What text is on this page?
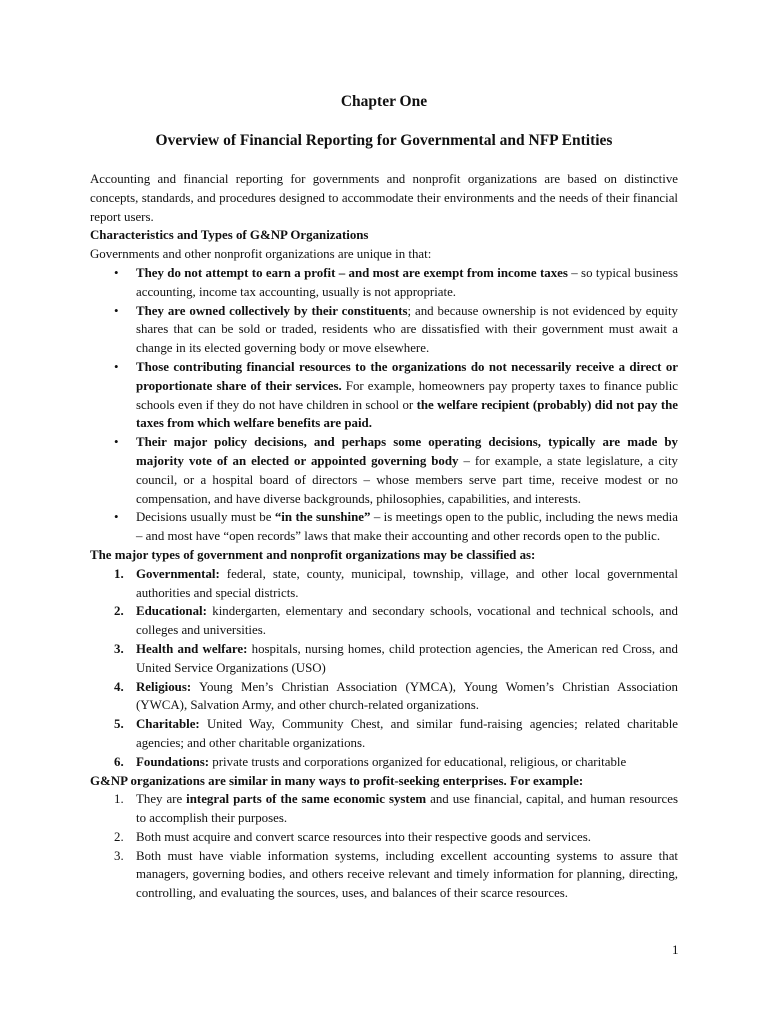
Chapter One
Overview of Financial Reporting for Governmental and NFP Entities

Accounting and financial reporting for governments and nonprofit organizations are based on distinctive concepts, standards, and procedures designed to accommodate their environments and the needs of their financial report users.

Characteristics and Types of G&NP Organizations

Governments and other nonprofit organizations are unique in that:

• They do not attempt to earn a profit – and most are exempt from income taxes – so typical business accounting, income tax accounting, usually is not appropriate.
• They are owned collectively by their constituents; and because ownership is not evidenced by equity shares that can be sold or traded, residents who are dissatisfied with their government must await a change in its elected governing body or move elsewhere.
• Those contributing financial resources to the organizations do not necessarily receive a direct or proportionate share of their services. For example, homeowners pay property taxes to finance public schools even if they do not have children in school or the welfare recipient (probably) did not pay the taxes from which welfare benefits are paid.
• Their major policy decisions, and perhaps some operating decisions, typically are made by majority vote of an elected or appointed governing body – for example, a state legislature, a city council, or a hospital board of directors – whose members serve part time, receive modest or no compensation, and have diverse backgrounds, philosophies, capabilities, and interests.
• Decisions usually must be “in the sunshine” – is meetings open to the public, including the news media – and most have “open records” laws that make their accounting and other records open to the public.
The major types of government and nonprofit organizations may be classified as:
1. Governmental: federal, state, county, municipal, township, village, and other local governmental authorities and special districts.
2. Educational: kindergarten, elementary and secondary schools, vocational and technical schools, and colleges and universities.
3. Health and welfare: hospitals, nursing homes, child protection agencies, the American red Cross, and United Service Organizations (USO)
4. Religious: Young Men’s Christian Association (YMCA), Young Women’s Christian Association (YWCA), Salvation Army, and other church-related organizations.
5. Charitable: United Way, Community Chest, and similar fund-raising agencies; related charitable agencies; and other charitable organizations.
6. Foundations: private trusts and corporations organized for educational, religious, or charitable
G&NP organizations are similar in many ways to profit-seeking enterprises. For example:
1. They are integral parts of the same economic system and use financial, capital, and human resources to accomplish their purposes.
2. Both must acquire and convert scarce resources into their respective goods and services.
3. Both must have viable information systems, including excellent accounting systems to assure that managers, governing bodies, and others receive relevant and timely information for planning, directing, controlling, and evaluating the sources, uses, and balances of their scarce resources.
1
